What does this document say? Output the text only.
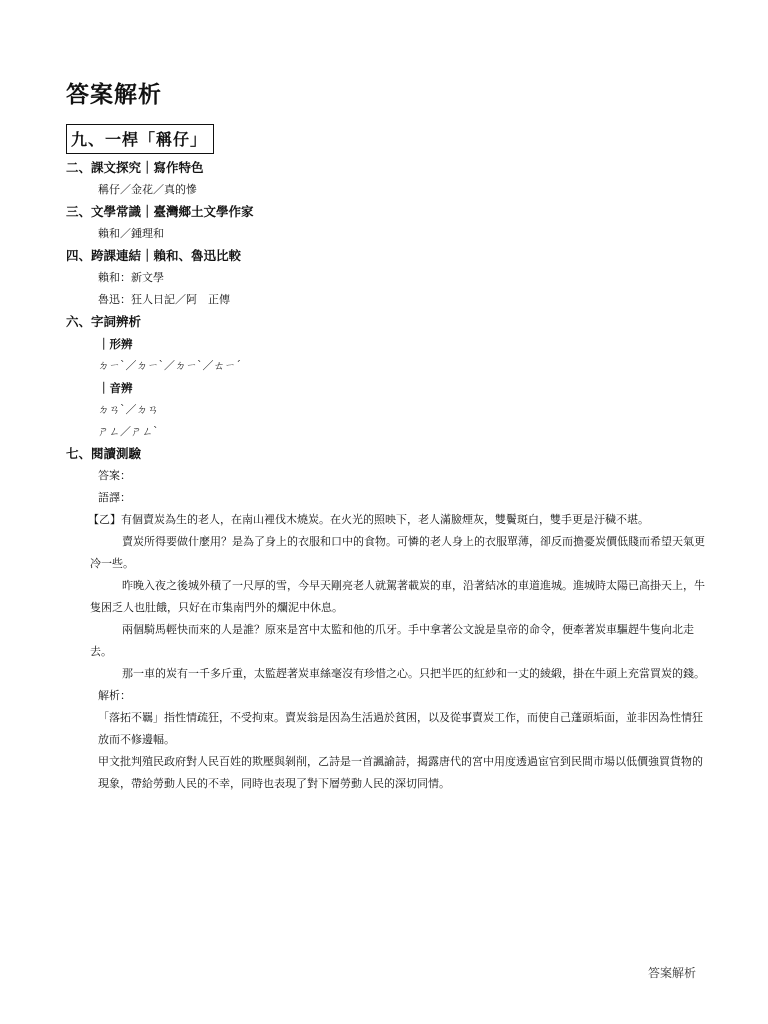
答案解析
九、一桿「稱仔」
二、課文探究｜寫作特色
稱仔／金花／真的慘
三、文學常識｜臺灣鄉土文學作家
賴和／鍾理和
四、跨課連結｜賴和、魯迅比較
賴和：新文學
魯迅：狂人日記／阿　正傳
六、字詞辨析
｜形辨
ㄉㄧˋ／ㄉㄧˋ／ㄉㄧˋ／ㄊㄧˊ
｜音辨
ㄉㄢˋ／ㄉㄢ
ㄕㄥ／ㄕㄥˋ
七、閱讀測驗
答案：
語譯：
【乙】有個賣炭為生的老人，在南山裡伐木燒炭。在火光的照映下，老人滿臉煙灰，雙鬢斑白，雙手更是汙穢不堪。
賣炭所得要做什麼用？是為了身上的衣服和口中的食物。可憐的老人身上的衣服單薄，卻反而擔憂炭價低賤而希望天氣更冷一些。
昨晚入夜之後城外積了一尺厚的雪，今早天剛亮老人就駕著載炭的車，沿著結冰的車道進城。進城時太陽已高掛天上，牛隻困乏人也肚餓，只好在市集南門外的爛泥中休息。
兩個騎馬輕快而來的人是誰？原來是宮中太監和他的爪牙。手中拿著公文說是皇帝的命令，便牽著炭車驅趕牛隻向北走去。
那一車的炭有一千多斤重，太監趕著炭車絲毫沒有珍惜之心。只把半匹的紅紗和一丈的綾緞，掛在牛頭上充當買炭的錢。
解析：
「落拓不羈」指性情疏狂，不受拘束。賣炭翁是因為生活過於貧困，以及從事賣炭工作，而使自己蓬頭垢面，並非因為性情狂放而不修邊幅。
甲文批判殖民政府對人民百姓的欺壓與剝削，乙詩是一首諷諭詩，揭露唐代的宮中用度透過宦官到民間市場以低價強買貨物的現象，帶給勞動人民的不幸，同時也表現了對下層勞動人民的深切同情。
答案解析
